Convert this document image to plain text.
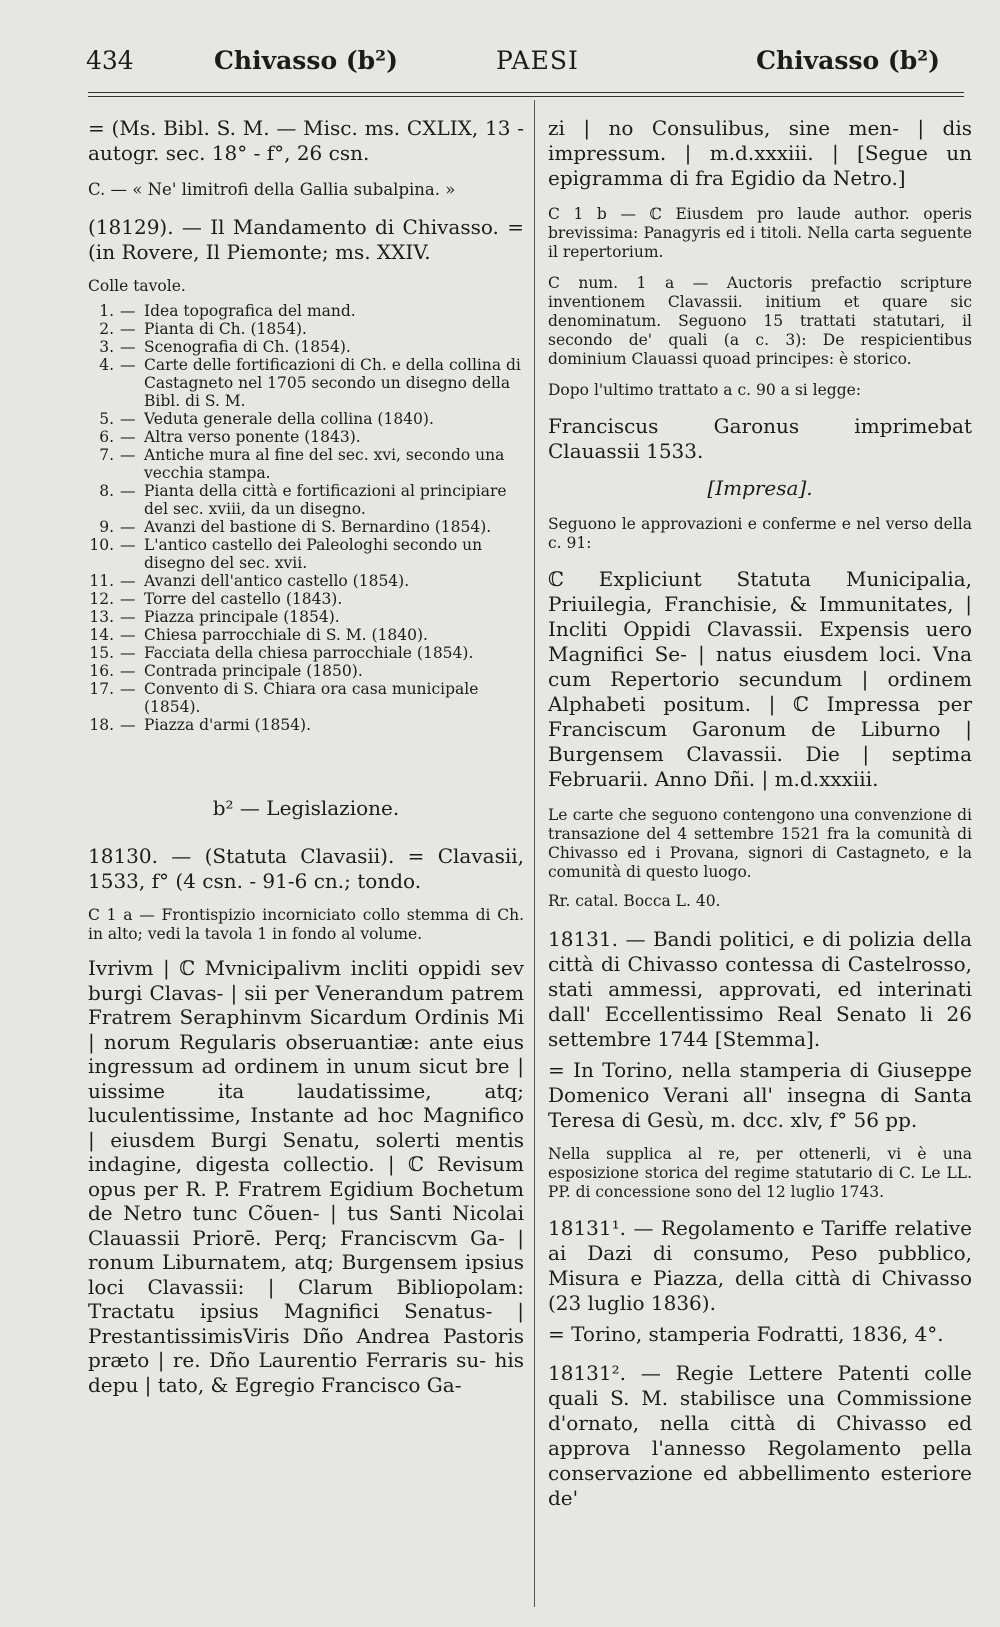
434	Chivasso (b²)	PAESI	Chivasso (b²)

= (Ms. Bibl. S. M. — Misc. ms. CXLIX, 13 - autogr. sec. 18° - f°, 26 csn.

C. — « Ne' limitrofi della Gallia subalpina. »

(18129). — Il Mandamento di Chivasso. = (in Rovere, Il Piemonte; ms. XXIV.

Colle tavole.

1. — Idea topografica del mand.
2. — Pianta di Ch. (1854).
3. — Scenografia di Ch. (1854).
4. — Carte delle fortificazioni di Ch. e della collina di Castagneto nel 1705 secondo un disegno della Bibl. di S. M.
5. — Veduta generale della collina (1840).
6. — Altra verso ponente (1843).
7. — Antiche mura al fine del sec. xvi, secondo una vecchia stampa.
8. — Pianta della città e fortificazioni al principiare del sec. xviii, da un disegno.
9. — Avanzi del bastione di S. Bernardino (1854).
10. — L'antico castello dei Paleologhi secondo un disegno del sec. xvii.
11. — Avanzi dell'antico castello (1854).
12. — Torre del castello (1843).
13. — Piazza principale (1854).
14. — Chiesa parrocchiale di S. M. (1840).
15. — Facciata della chiesa parrocchiale (1854).
16. — Contrada principale (1850).
17. — Convento di S. Chiara ora casa municipale (1854).
18. — Piazza d'armi (1854).

b² — Legislazione.

18130. — (Statuta Clavasii). = Clavasii, 1533, f° (4 csn. - 91-6 cn.; tondo.

C 1 a — Frontispizio incorniciato collo stemma di Ch. in alto; vedi la tavola 1 in fondo al volume.

Ivrivm | ℂ Mvnicipalivm incliti oppidi sev burgi Clavas- | sii per Venerandum patrem Fratrem Seraphinvm Sicardum Ordinis Mi | norum Regularis obseruantiæ: ante eius ingressum ad ordinem in unum sicut bre | uissime ita laudatissime, atq; luculentissime, Instante ad hoc Magnifico | eiusdem Burgi Senatu, solerti mentis indagine, digesta collectio. | ℂ Revisum opus per R. P. Fratrem Egidium Bochetum de Netro tunc Cõuen- | tus Santi Nicolai Clauassii Priorē. Perq; Franciscvm Ga- | ronum Liburnatem, atq; Burgensem ipsius loci Clavassii: | Clarum Bibliopolam: Tractatu ipsius Magnifici Senatus- | PrestantissimisViris Dño Andrea Pastoris præto | re. Dño Laurentio Ferraris su- his depu | tato, & Egregio Francisco Ga-

zi | no Consulibus, sine men- | dis impressum. | m.d.xxxiii. | [Segue un epigramma di fra Egidio da Netro.]

C 1 b — ℂ Eiusdem pro laude author. operis brevissima: Panagyris ed i titoli. Nella carta seguente il repertorium.

C num. 1 a — Auctoris prefactio scripture inventionem Clavassii. initium et quare sic denominatum. Seguono 15 trattati statutari, il secondo de' quali (a c. 3): De respicientibus dominium Clauassi quoad principes: è storico.

Dopo l'ultimo trattato a c. 90 a si legge:

Franciscus Garonus imprimebat Clauassii 1533.

[Impresa].

Seguono le approvazioni e conferme e nel verso della c. 91:

ℂ Expliciunt Statuta Municipalia, Priuilegia, Franchisie, & Immunitates, | Incliti Oppidi Clavassii. Expensis uero Magnifici Se- | natus eiusdem loci. Vna cum Repertorio secundum | ordinem Alphabeti positum. | ℂ Impressa per Franciscum Garonum de Liburno | Burgensem Clavassii. Die | septima Februarii. Anno Dñi. | m.d.xxxiii.

Le carte che seguono contengono una convenzione di transazione del 4 settembre 1521 fra la comunità di Chivasso ed i Provana, signori di Castagneto, e la comunità di questo luogo.

Rr. catal. Bocca L. 40.

18131. — Bandi politici, e di polizia della città di Chivasso contessa di Castelrosso, stati ammessi, approvati, ed interinati dall' Eccellentissimo Real Senato li 26 settembre 1744 [Stemma].

= In Torino, nella stamperia di Giuseppe Domenico Verani all' insegna di Santa Teresa di Gesù, m. dcc. xlv, f° 56 pp.

Nella supplica al re, per ottenerli, vi è una esposizione storica del regime statutario di C. Le LL. PP. di concessione sono del 12 luglio 1743.

18131¹. — Regolamento e Tariffe relative ai Dazi di consumo, Peso pubblico, Misura e Piazza, della città di Chivasso (23 luglio 1836).

= Torino, stamperia Fodratti, 1836, 4°.

18131². — Regie Lettere Patenti colle quali S. M. stabilisce una Commissione d'ornato, nella città di Chivasso ed approva l'annesso Regolamento pella conservazione ed abbellimento esteriore de'
